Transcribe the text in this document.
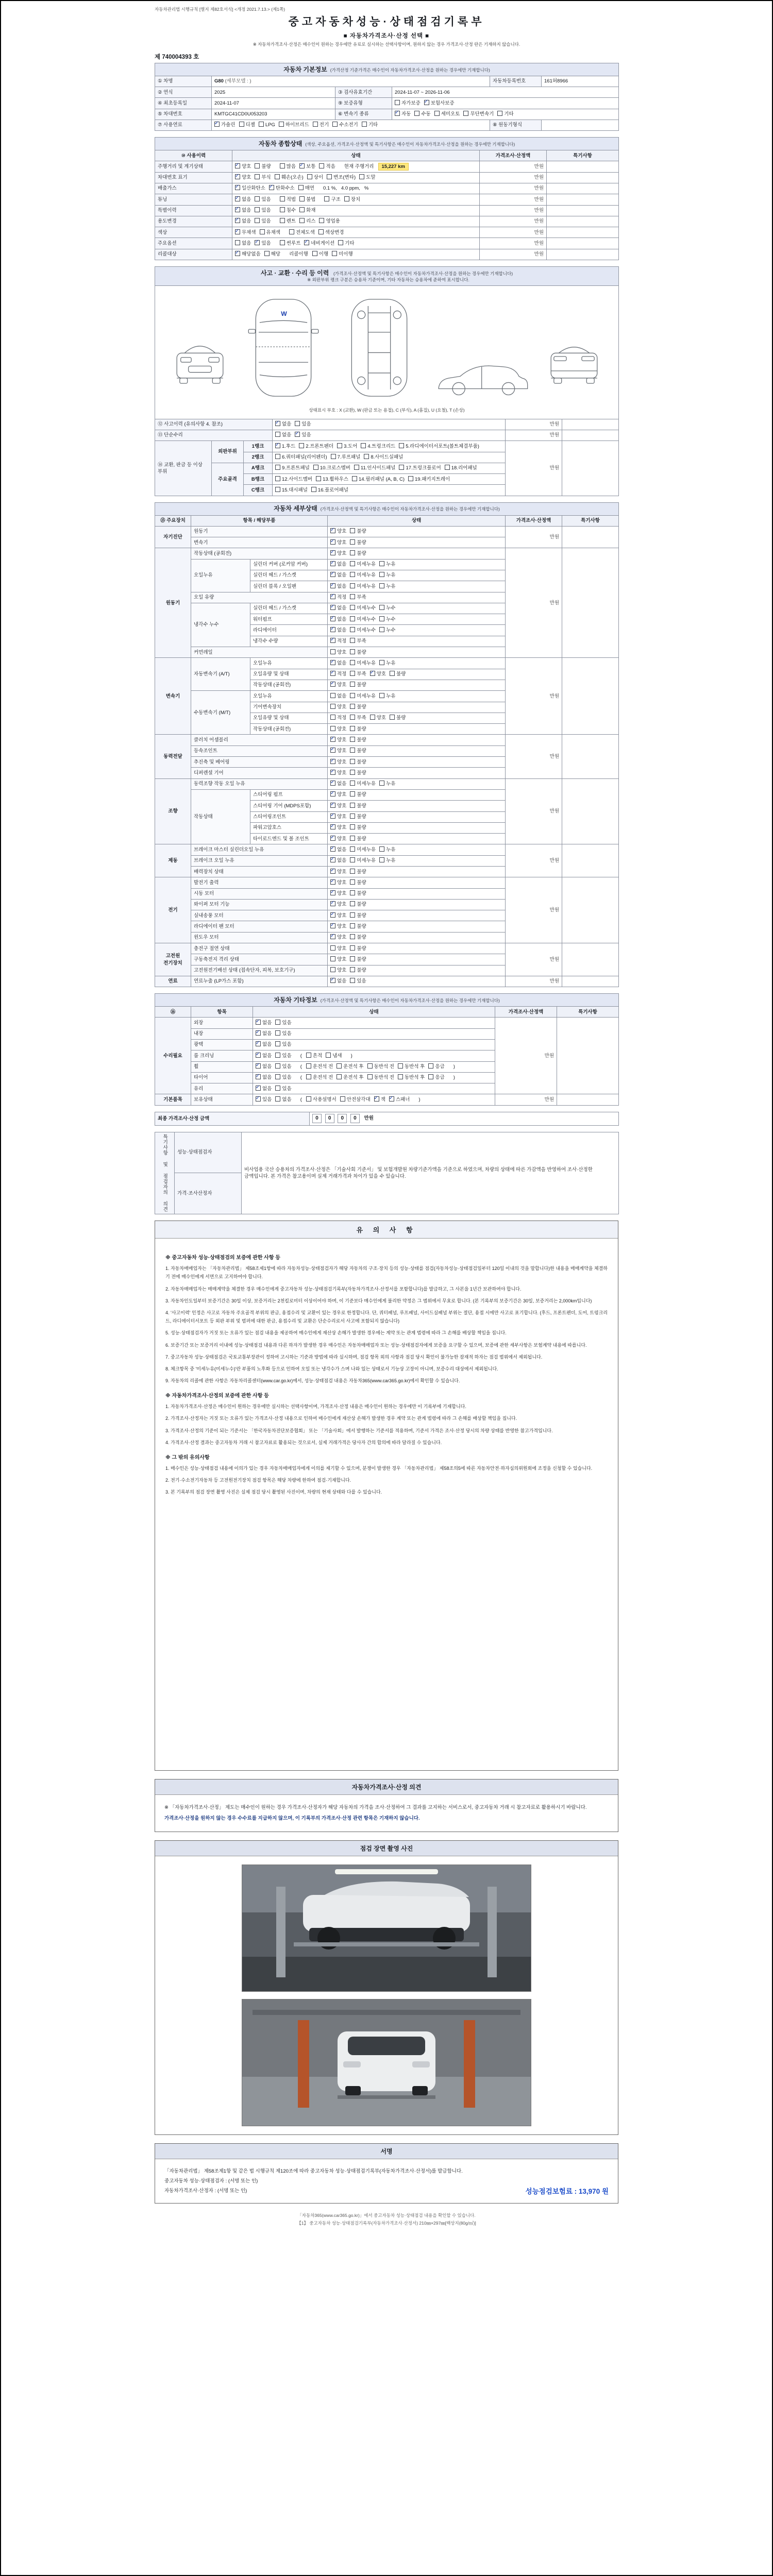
자동차관리법 시행규칙 [별지 제82호서식] <개정 2021.7.13.> (제1쪽)
중고자동차성능·상태점검기록부
■ 자동차가격조사·산정 선택 ■
※ 자동차가격조사·산정은 매수인이 원하는 경우에만 유료로 실시하는 선택사항이며, 원하지 않는 경우 가격조사·산정 란은 기재하지 않습니다.
제 740004393 호
자동차 기본정보 (가격산정 기준가격은 매수인이 자동차가격조사·산정을 원하는 경우에만 기재합니다)					
① 차명	G80 (세부모델 : )			자동차등록번호	161허8966
② 연식	2025	③ 검사유효기간	2024-11-07 ~ 2026-11-06		
④ 최초등록일	2024-11-07	⑨ 보증유형	자가보증 ✓ 보험사보증
⑤ 차대번호	KMTGC41CD0U053203	⑥ 변속기 종류	✓자동 수동 세미오토 무단변속기 기타
⑦ 사용연료	✓가솔린 디젤 LPG 하이브리드 전기 수소전기 기타			⑧ 원동기형식	
자동차 종합상태 (색상, 주요옵션, 가격조사·산정액 및 특기사항은 매수인이 자동차가격조사·산정을 원하는 경우에만 기재합니다)			
⑩ 사용이력	상태	가격조사·산정액	특기사항
주행거리 및 계기상태	✓양호 불량 많음 ✓ 보통 적음 현재 주행거리 15,227 km	만원	
차대번호 표기	✓양호 부식 훼손(오손) 상이 변조(변타) 도말	만원	
배출가스	✓일산화탄소 ✓ 탄화수소 매연 0.1 %, 4.0 ppm, %	만원	
튜닝	✓없음 있음 적법 불법 구조 장치	만원	
특별이력	✓없음 있음 침수 화재	만원	
용도변경	✓없음 있음 렌트 리스 영업용	만원	
색상	✓무채색 유채색 전체도색 색상변경	만원	
주요옵션	없음 ✓ 있음 썬루프 ✓ 네비게이션 기타	만원	
리콜대상	✓해당없음 해당 리콜이행 이행 미이행	만원	
사고 · 교환 · 수리 등 이력 (가격조사·산정액 및 특기사항은 매수인이 자동차가격조사·산정을 원하는 경우에만 기재합니다)
※ 외판부위 랭크 구분은 승용차 기준이며, 기타 자동차는 승용차에 준하여 표시합니다.					

W
상태표시 부호 : X (교환), W (판금 또는 용접), C (부식), A (흠집), U (요철), T (손상)					

⑫ 사고이력 (유의사항 4. 참조)	✓없음 있음	만원	
⑬ 단순수리			없음 ✓ 있음	만원	
⑭ 교환, 판금 등 이상 부위	외판부위	1랭크	✓1.후드 2.프론트펜더 3.도어 4.트렁크리드 5.라디에이터서포트(볼트체결부품)	만원	
		2랭크	6.쿼터패널(리어펜더) 7.루프패널 8.사이드실패널		
	주요골격	A랭크	9.프론트패널 10.크로스멤버 11.인사이드패널 17.트렁크플로어 18.리어패널		
		B랭크	12.사이드멤버 13.휠하우스 14.필러패널 (A, B, C) 19.패키지트레이		
		C랭크	15.대시패널 16.플로어패널		
자동차 세부상태 (가격조사·산정액 및 특기사항은 매수인이 자동차가격조사·산정을 원하는 경우에만 기재합니다)					
⑮ 주요장치	항목 / 해당부품		상태	가격조사·산정액	특기사항
자기진단	원동기	✓양호 불량	만원	
	변속기	✓양호 불량
원동기	작동상태 (공회전)	✓양호 불량	만원	
	오일누유	실린더 커버 (로커암 커버)	✓없음 미세누유 누유
		실린더 헤드 / 가스켓	✓없음 미세누유 누유
		실린더 블록 / 오일팬	✓없음 미세누유 누유
	오일 유량	✓적정 부족
	냉각수 누수	실린더 헤드 / 가스켓	✓없음 미세누수 누수
		워터펌프	✓없음 미세누수 누수
		라디에이터	✓없음 미세누수 누수
		냉각수 수량	✓적정 부족
	커먼레일		양호 불량		
변속기	자동변속기 (A/T)	오일누유	✓없음 미세누유 누유	만원	
		오일유량 및 상태	✓적정 부족 ✓ 양호 불량
		작동상태 (공회전)	✓양호 불량
	수동변속기 (M/T)	오일누유	없음 미세누유 누유		
		기어변속장치	양호 불량		
		오일유량 및 상태	적정 부족 양호 불량		
		작동상태 (공회전)	양호 불량		
동력전달	클러치 어셈블리	✓양호 불량	만원	
	등속조인트	✓양호 불량
	추진축 및 베어링	✓양호 불량
	디퍼렌셜 기어	✓양호 불량
조향	동력조향 작동 오일 누유	✓없음 미세누유 누유	만원	
	작동상태	스티어링 펌프	✓양호 불량
		스티어링 기어 (MDPS포함)	✓양호 불량
		스티어링조인트	✓양호 불량
		파워고압호스	✓양호 불량
		타이로드엔드 및 볼 조인트	✓양호 불량
제동	브레이크 마스터 실린더오일 누유	✓없음 미세누유 누유	만원	
	브레이크 오일 누유	✓없음 미세누유 누유
	배력장치 상태	✓양호 불량
전기	발전기 출력	✓양호 불량	만원	
	시동 모터	✓양호 불량
	와이퍼 모터 기능	✓양호 불량
	실내송풍 모터	✓양호 불량
	라디에이터 팬 모터	✓양호 불량
	윈도우 모터	✓양호 불량
고전원 전기장치	충전구 절연 상태		양호 불량	만원	
	구동축전지 격리 상태		양호 불량		
	고전원전기배선 상태 (접속단자, 피복, 보호기구)		양호 불량		
연료	연료누출 (LP가스 포함)	✓없음 있음	만원	
자동차 기타정보 (가격조사·산정액 및 특기사항은 매수인이 자동차가격조사·산정을 원하는 경우에만 기재합니다)				
⑯	항목	상태	가격조사·산정액	특기사항
수리필요	외장	✓없음 있음	만원	
	내장	✓없음 있음
	광택	✓없음 있음
	룸 크리닝	✓없음 있음 ( 흔적 냄새 )
	휠	✓없음 있음 ( 운전석 전 운전석 후 동반석 전 동반석 후 응급 )
	타이어	✓없음 있음 ( 운전석 전 운전석 후 동반석 전 동반석 후 응급 )
	유리	✓없음 있음
기본품목	보유상태	✓있음 없음 ( 사용설명서 안전삼각대 ✓ 잭 ✓ 스패너 )	만원	
최종 가격조사·산정 금액	0 0 0 0 만원
특기사항 및 점검자의 의견	성능·상태점검자	비사업용 국산 승용차의 가격조사·산정은 「기술사회 기준서」 및 보험개발원 차량기준가액을 기준으로 하였으며, 차량의 상태에 따른 가감액을 반영하여 조사·산정한 금액입니다. 본 가격은 참고용이며 실제 거래가격과 차이가 있을 수 있습니다.
가격·조사산정자
유 의 사 항
※ 중고자동차 성능·상태점검의 보증에 관한 사항 등
1. 자동차매매업자는 「자동차관리법」 제58조제1항에 따라 자동차성능·상태점검자가 해당 자동차의 구조·장치 등의 성능·상태를 점검(자동차성능·상태점검일부터 120일 이내의 것을 말합니다)한 내용을 매매계약을 체결하기 전에 매수인에게 서면으로 고지하여야 합니다.
2. 자동차매매업자는 매매계약을 체결한 경우 매수인에게 중고자동차 성능·상태점검기록부(자동차가격조사·산정서를 포함합니다)를 발급하고, 그 사본을 1년간 보관하여야 합니다.
3. 자동차인도일부터 보증기간은 30일 이상, 보증거리는 2천킬로미터 이상이어야 하며, 이 기준보다 매수인에게 불리한 약정은 그 범위에서 무효로 합니다. (본 기록부의 보증기간은 30일, 보증거리는 2,000km입니다)
4. '사고이력' 인정은 사고로 자동차 주요골격 부위의 판금, 용접수리 및 교환이 있는 경우로 한정합니다. 단, 쿼터패널, 루프패널, 사이드실패널 부위는 절단, 용접 시에만 사고로 표기합니다. (후드, 프론트펜더, 도어, 트렁크리드, 라디에이터서포트 등 외판 부위 및 범퍼에 대한 판금, 용접수리 및 교환은 단순수리로서 사고에 포함되지 않습니다)
5. 성능·상태점검자가 거짓 또는 오류가 있는 점검 내용을 제공하여 매수인에게 재산상 손해가 발생한 경우에는 계약 또는 관계 법령에 따라 그 손해를 배상할 책임을 집니다.
6. 보증기간 또는 보증거리 이내에 성능·상태점검 내용과 다른 하자가 발생한 경우 매수인은 자동차매매업자 또는 성능·상태점검자에게 보증을 요구할 수 있으며, 보증에 관한 세부사항은 보험계약 내용에 따릅니다.
7. 중고자동차 성능·상태점검은 국토교통부장관이 정하여 고시하는 기준과 방법에 따라 실시하며, 점검 항목 외의 사항과 점검 당시 확인이 불가능한 잠재적 하자는 점검 범위에서 제외됩니다.
8. 체크항목 중 '미세누유(미세누수)'란 부품의 노후화 등으로 인하여 오일 또는 냉각수가 스며 나와 있는 상태로서 기능상 고장이 아니며, 보증수리 대상에서 제외됩니다.
9. 자동차의 리콜에 관한 사항은 자동차리콜센터(www.car.go.kr)에서, 성능·상태점검 내용은 자동차365(www.car365.go.kr)에서 확인할 수 있습니다.
※ 자동차가격조사·산정의 보증에 관한 사항 등
1. 자동차가격조사·산정은 매수인이 원하는 경우에만 실시하는 선택사항이며, 가격조사·산정 내용은 매수인이 원하는 경우에만 이 기록부에 기재합니다.
2. 가격조사·산정자는 거짓 또는 오류가 있는 가격조사·산정 내용으로 인하여 매수인에게 재산상 손해가 발생한 경우 계약 또는 관계 법령에 따라 그 손해를 배상할 책임을 집니다.
3. 가격조사·산정의 기준이 되는 기준서는 「한국자동차진단보증협회」 또는 「기술사회」에서 발행하는 기준서를 적용하며, 기준서 가격은 조사·산정 당시의 차량 상태를 반영한 참고가격입니다.
4. 가격조사·산정 결과는 중고자동차 거래 시 참고자료로 활용되는 것으로서, 실제 거래가격은 당사자 간의 합의에 따라 달라질 수 있습니다.
※ 그 밖의 유의사항
1. 매수인은 성능·상태점검 내용에 이의가 있는 경우 자동차매매업자에게 이의를 제기할 수 있으며, 분쟁이 발생한 경우 「자동차관리법」 제58조의5에 따른 자동차안전·하자심의위원회에 조정을 신청할 수 있습니다.
2. 전기·수소전기자동차 등 고전원전기장치 점검 항목은 해당 차량에 한하여 점검·기재합니다.
3. 본 기록부의 점검 장면 촬영 사진은 실제 점검 당시 촬영된 사진이며, 차량의 현재 상태와 다를 수 있습니다.
자동차가격조사·산정 의견
※ 「자동차가격조사·산정」 제도는 매수인이 원하는 경우 가격조사·산정자가 해당 자동차의 가격을 조사·산정하여 그 결과를 고지하는 서비스로서, 중고자동차 거래 시 참고자료로 활용하시기 바랍니다.
가격조사·산정을 원하지 않는 경우 수수료를 지급하지 않으며, 이 기록부의 가격조사·산정 관련 항목은 기재하지 않습니다.
점검 장면 촬영 사진
서명
「자동차관리법」 제58조제1항 및 같은 법 시행규칙 제120조에 따라 중고자동차 성능·상태점검기록부(자동차가격조사·산정서)를 발급합니다.
중고자동차 성능·상태점검자 : (서명 또는 인)
자동차가격조사·산정자 : (서명 또는 인)	성능점검보험료 : 13,970 원
「자동차365(www.car365.go.kr)」에서 중고자동차 성능·상태점검 내용을 확인할 수 있습니다.
【1】 중고자동차 성능·상태점검기록부(자동차가격조사·산정서) 210㎜×297㎜[백상지(80g/㎡)]
